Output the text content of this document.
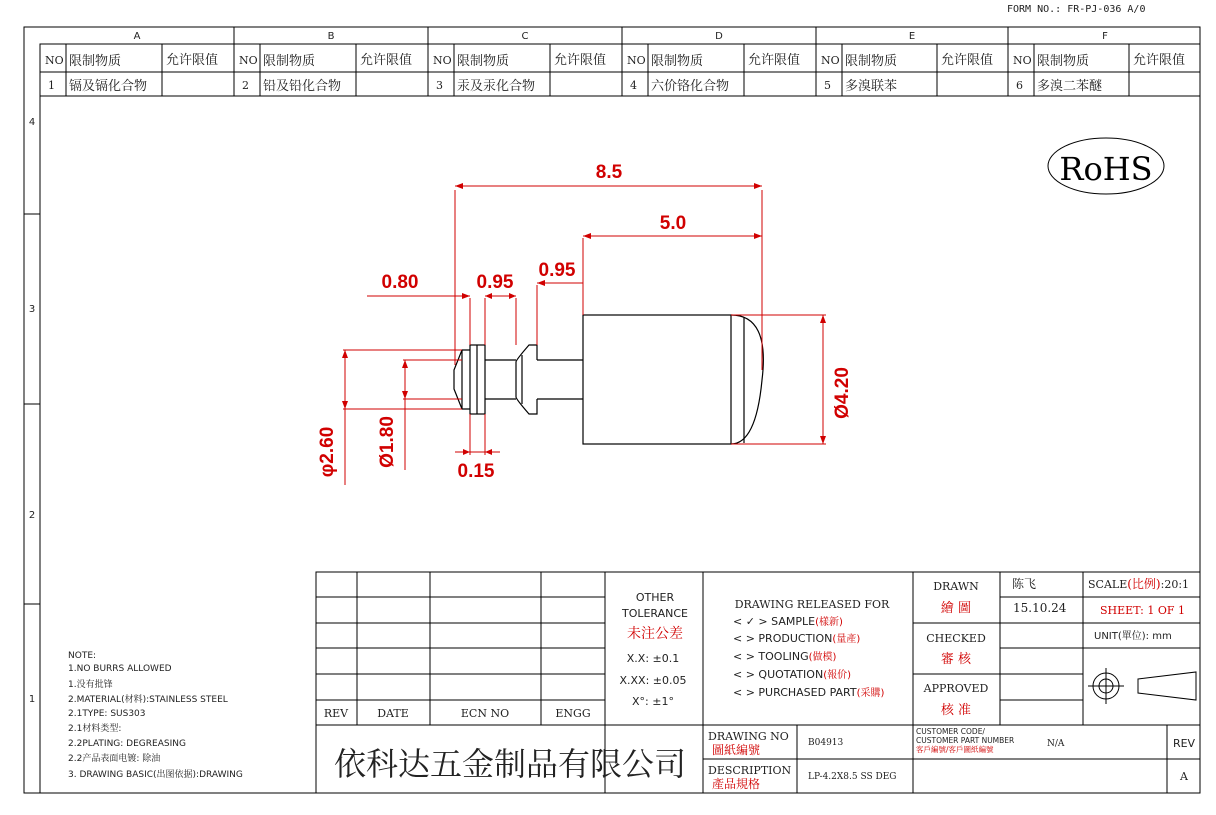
FORM NO.: FR-PJ-036 A/0
A	B	C	D	E	F
4
3
2
1
NO 限制物质	允许限值
1 镉及镉化合物
NO 限制物质	允许限值
2 铅及铅化合物
NO 限制物质	允许限值
3 汞及汞化合物
NO 限制物质	允许限值
4 六价铬化合物
NO 限制物质	允许限值
5 多溴联苯
NO 限制物质	允许限值
6 多溴二苯醚
RoHS
8.5
5.0
0.80	0.95
0.95
0.15
φ2.60 Ø1.80
Ø4.20
NOTE:
1.NO BURRS ALLOWED
1.没有批锋
2.MATERIAL(材料):STAINLESS STEEL
2.1TYPE: SUS303
2.1材料类型:
2.2PLATING: DEGREASING
2.2产品表面电镀: 除油
3. DRAWING BASIC(出图依据):DRAWING
REV	DATE	ECN NO	ENGG
OTHER
TOLERANCE
未注公差
X.X: ±0.1
X.XX: ±0.05
X°: ±1°
DRAWING RELEASED FOR
< ✓ > SAMPLE(樣新)
< > PRODUCTION(量產)
< > TOOLING(做模)
< > QUOTATION(報价)
< > PURCHASED PART(采購)
DRAWN
繪 圖
陈飞
15.10.24
CHECKED
審 核
APPROVED
核 准
SCALE(比例):20:1
SHEET: 1 OF 1
UNIT(單位): mm
依科达五金制品有限公司
DRAWING NO
圖紙編號	B04913
DESCRIPTION
產品規格	LP-4.2X8.5 SS DEG
CUSTOMER CODE/
CUSTOMER PART NUMBER
客戶編號/客戶圖紙編號
N/A	REV
A
